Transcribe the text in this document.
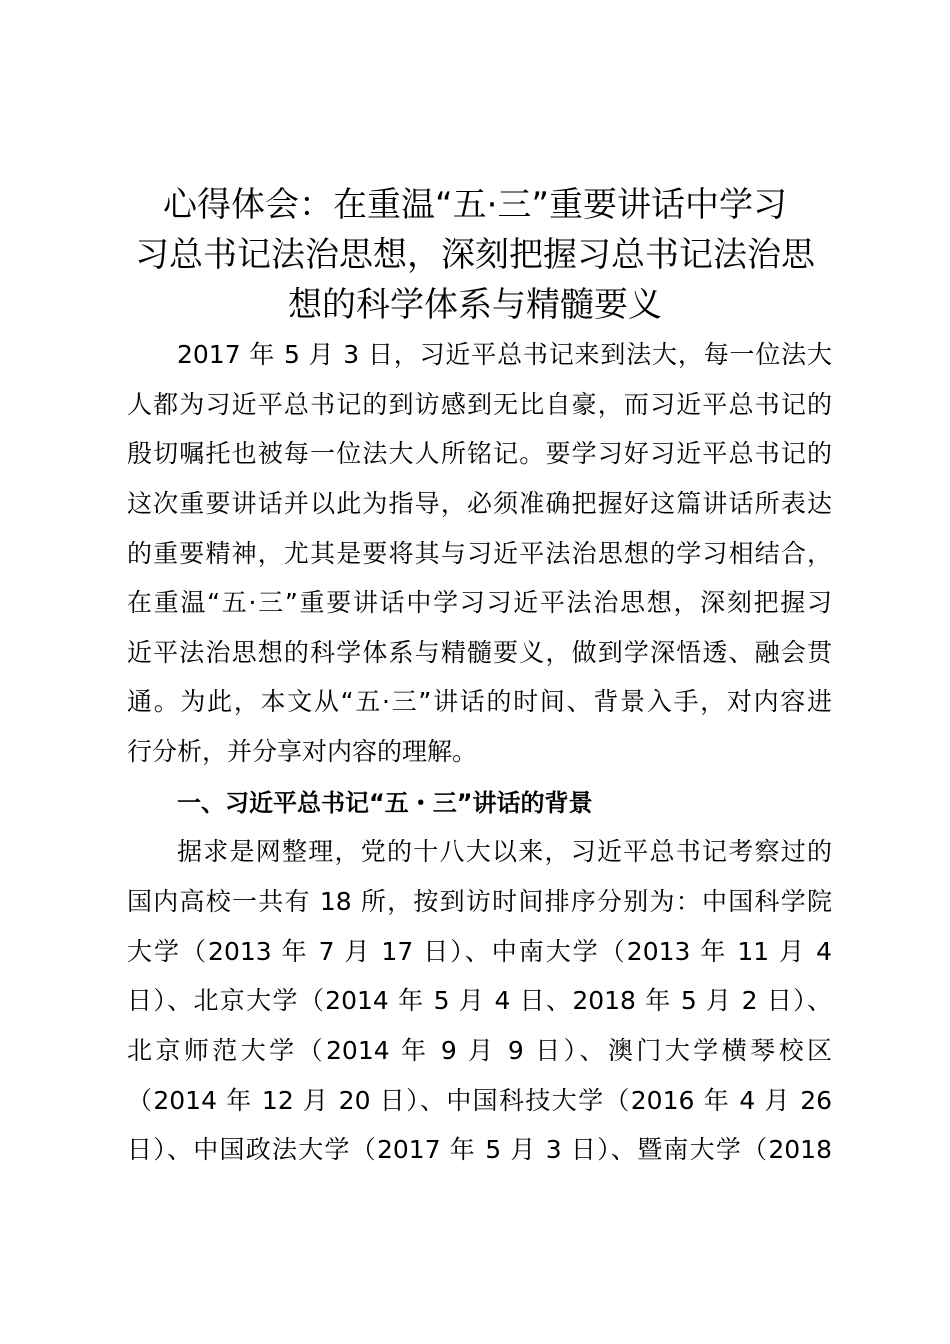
心得体会：在重温“五·三”重要讲话中学习
习总书记法治思想，深刻把握习总书记法治思
想的科学体系与精髓要义

2017 年 5 月 3 日，习近平总书记来到法大，每一位法大

人都为习近平总书记的到访感到无比自豪，而习近平总书记的

殷切嘱托也被每一位法大人所铭记。要学习好习近平总书记的

这次重要讲话并以此为指导，必须准确把握好这篇讲话所表达

的重要精神，尤其是要将其与习近平法治思想的学习相结合，

在重温“五·三”重要讲话中学习习近平法治思想，深刻把握习

近平法治思想的科学体系与精髓要义，做到学深悟透、融会贯

通。为此，本文从“五·三”讲话的时间、背景入手，对内容进

行分析，并分享对内容的理解。

一、习近平总书记“五・三”讲话的背景

据求是网整理，党的十八大以来，习近平总书记考察过的

国内高校一共有 18 所，按到访时间排序分别为：中国科学院

大学（2013 年 7 月 17 日）、中南大学（2013 年 11 月 4

日）、北京大学（2014 年 5 月 4 日、2018 年 5 月 2 日）、

北京师范大学（2014 年 9 月 9 日）、澳门大学横琴校区

（2014 年 12 月 20 日）、中国科技大学（2016 年 4 月 26

日）、中国政法大学（2017 年 5 月 3 日）、暨南大学（2018
